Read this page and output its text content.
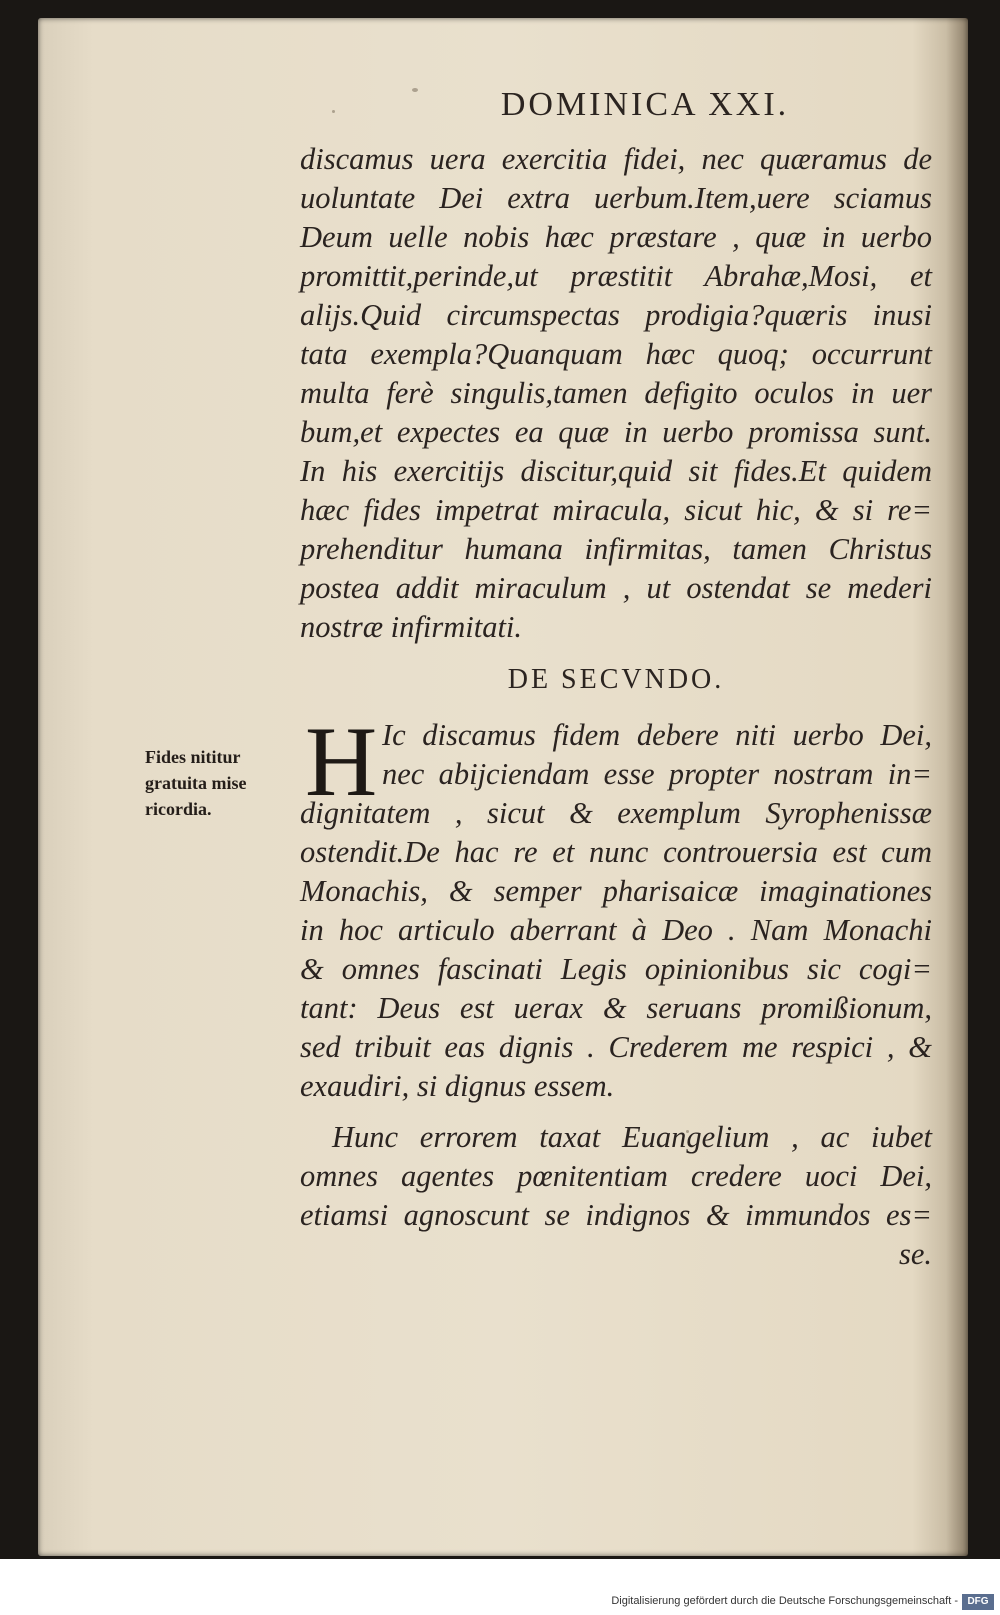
DOMINICA XXI.
discamus uera exercitia fidei, nec quæramus de
uoluntate Dei extra uerbum.Item,uere sciamus
Deum uelle nobis hæc præstare , quæ in uerbo
promittit,perinde,ut præstitit Abrahæ,Mosi, et
alijs.Quid circumspectas prodigia?quæris inusi
tata exempla?Quanquam hæc quoq; occurrunt
multa ferè singulis,tamen defigito oculos in uer
bum,et expectes ea quæ in uerbo promissa sunt.
In his exercitijs discitur,quid sit fides.Et quidem
hæc fides impetrat miracula, sicut hic, & si re=
prehenditur humana infirmitas, tamen Christus
postea addit miraculum , ut ostendat se mederi
nostræ infirmitati.
DE SECVNDO.
Fides nititur
gratuita mise
ricordia. H Ic discamus fidem debere niti uerbo Dei,
nec abijciendam esse propter nostram in=
dignitatem , sicut & exemplum Syrophenissæ
ostendit.De hac re et nunc controuersia est cum
Monachis, & semper pharisaicæ imaginationes
in hoc articulo aberrant à Deo . Nam Monachi
& omnes fascinati Legis opinionibus sic cogi=
tant: Deus est uerax & seruans promißionum,
sed tribuit eas dignis . Crederem me respici , &
exaudiri, si dignus essem.
Hunc errorem taxat Euangelium , ac iubet
omnes agentes pœnitentiam credere uoci Dei,
etiamsi agnoscunt se indignos & immundos es=
se.
Digitalisierung gefördert durch die Deutsche Forschungsgemeinschaft - DFG
